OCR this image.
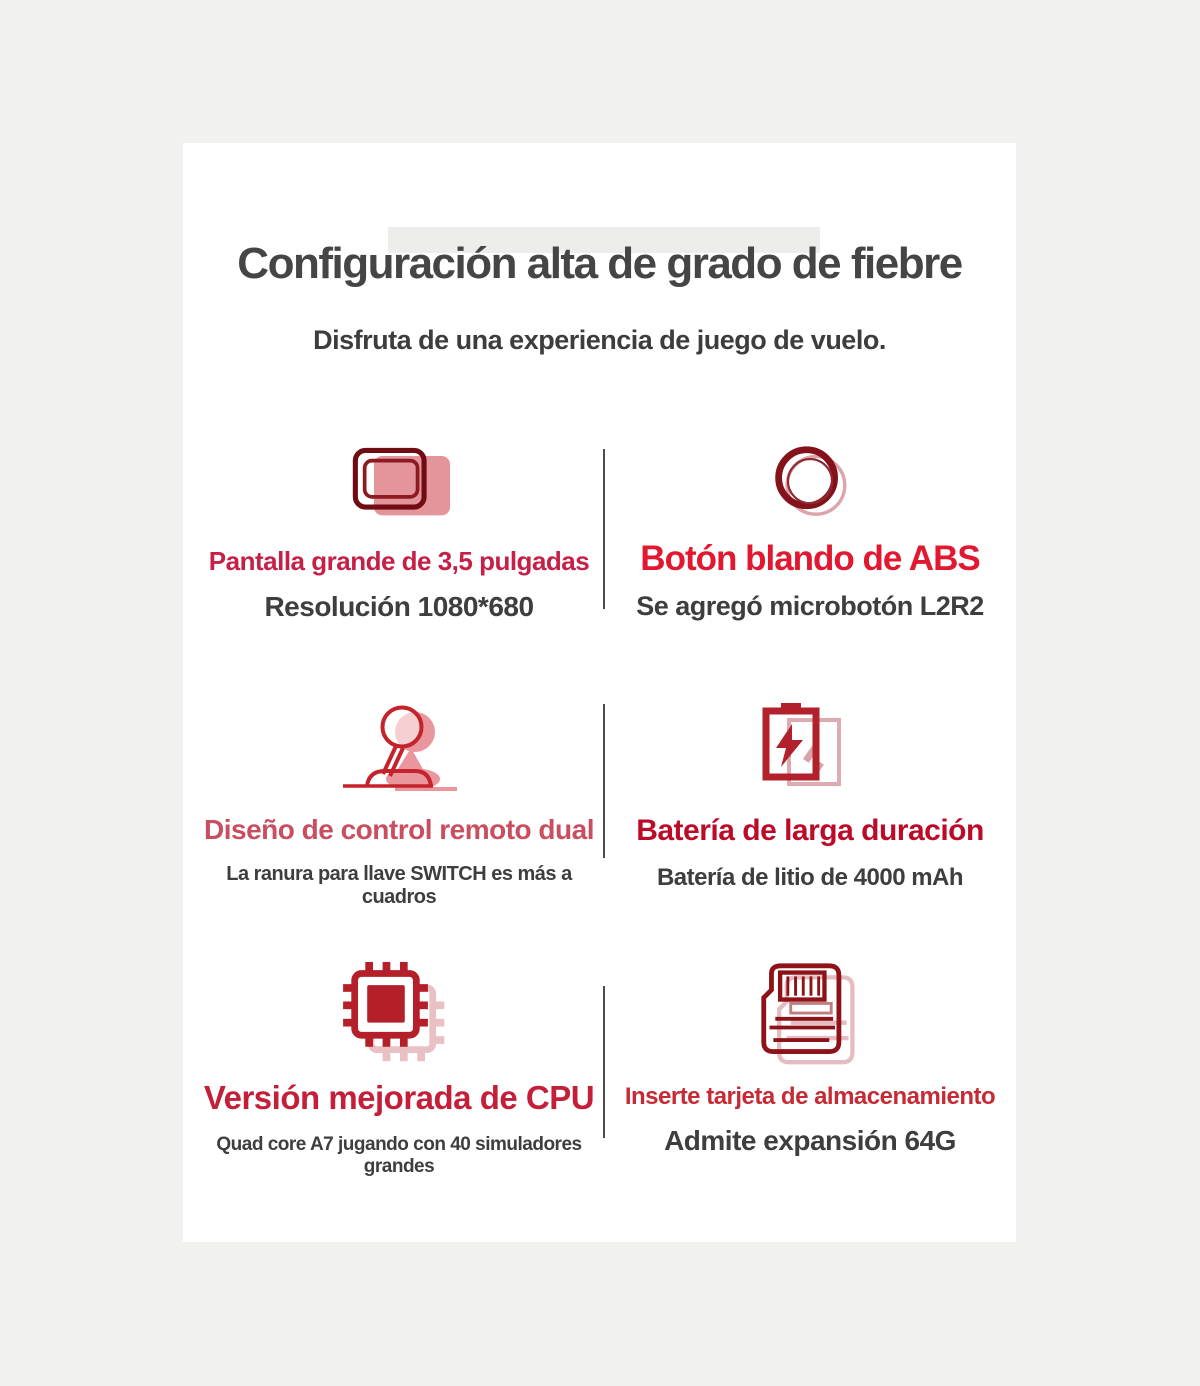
Configuración alta de grado de fiebre
Disfruta de una experiencia de juego de vuelo.
Pantalla grande de 3,5 pulgadas
Resolución 1080*680
Botón blando de ABS
Se agregó microbotón L2R2
Diseño de control remoto dual
La ranura para llave SWITCH es más a cuadros
Batería de larga duración
Batería de litio de 4000 mAh
Versión mejorada de CPU
Quad core A7 jugando con 40 simuladores grandes
Inserte tarjeta de almacenamiento
Admite expansión 64G
